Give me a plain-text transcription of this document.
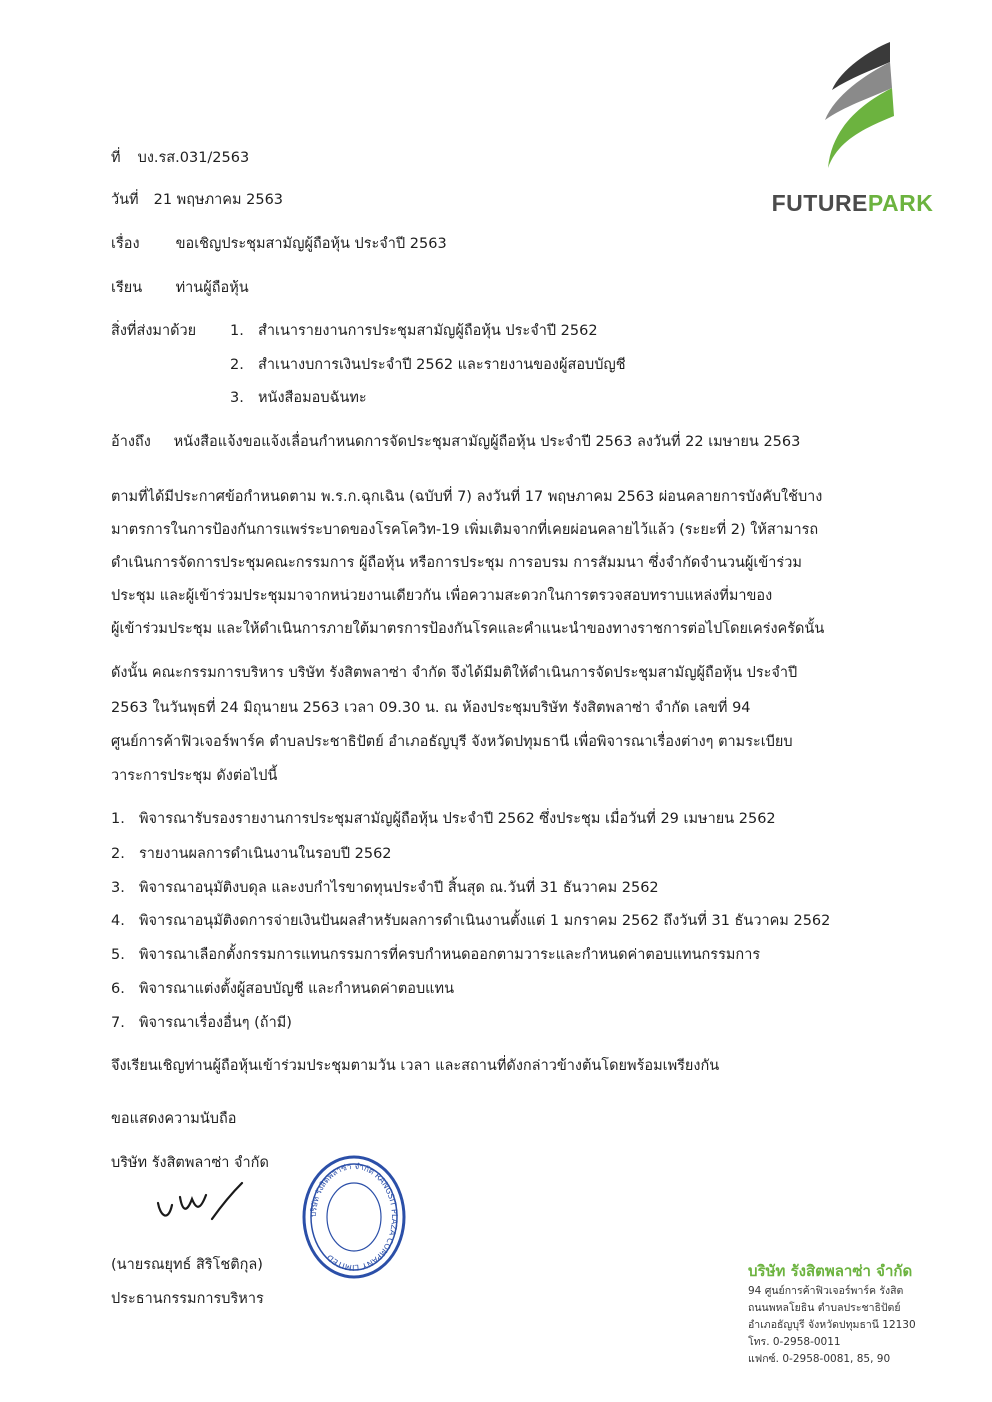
FUTUREPARK
ที่ บง.รส.031/2563
วันที่ 21 พฤษภาคม 2563
เรื่อง ขอเชิญประชุมสามัญผู้ถือหุ้น ประจำปี 2563
เรียน ท่านผู้ถือหุ้น
สิ่งที่ส่งมาด้วย 1. สำเนารายงานการประชุมสามัญผู้ถือหุ้น ประจำปี 2562
2. สำเนางบการเงินประจำปี 2562 และรายงานของผู้สอบบัญชี
3. หนังสือมอบฉันทะ
อ้างถึง หนังสือแจ้งขอแจ้งเลื่อนกำหนดการจัดประชุมสามัญผู้ถือหุ้น ประจำปี 2563 ลงวันที่ 22 เมษายน 2563
ตามที่ได้มีประกาศข้อกำหนดตาม พ.ร.ก.ฉุกเฉิน (ฉบับที่ 7) ลงวันที่ 17 พฤษภาคม 2563 ผ่อนคลายการบังคับใช้บาง
มาตรการในการป้องกันการแพร่ระบาดของโรคโควิท-19 เพิ่มเติมจากที่เคยผ่อนคลายไว้แล้ว (ระยะที่ 2) ให้สามารถ
ดำเนินการจัดการประชุมคณะกรรมการ ผู้ถือหุ้น หรือการประชุม การอบรม การสัมมนา ซึ่งจำกัดจำนวนผู้เข้าร่วม
ประชุม และผู้เข้าร่วมประชุมมาจากหน่วยงานเดียวกัน เพื่อความสะดวกในการตรวจสอบทราบแหล่งที่มาของ
ผู้เข้าร่วมประชุม และให้ดำเนินการภายใต้มาตรการป้องกันโรคและคำแนะนำของทางราชการต่อไปโดยเคร่งครัดนั้น
ดังนั้น คณะกรรมการบริหาร บริษัท รังสิตพลาซ่า จำกัด จึงได้มีมติให้ดำเนินการจัดประชุมสามัญผู้ถือหุ้น ประจำปี
2563 ในวันพุธที่ 24 มิถุนายน 2563 เวลา 09.30 น. ณ ห้องประชุมบริษัท รังสิตพลาซ่า จำกัด เลขที่ 94
ศูนย์การค้าฟิวเจอร์พาร์ค ตำบลประชาธิปัตย์ อำเภอธัญบุรี จังหวัดปทุมธานี เพื่อพิจารณาเรื่องต่างๆ ตามระเบียบ
วาระการประชุม ดังต่อไปนี้
1. พิจารณารับรองรายงานการประชุมสามัญผู้ถือหุ้น ประจำปี 2562 ซึ่งประชุม เมื่อวันที่ 29 เมษายน 2562
2. รายงานผลการดำเนินงานในรอบปี 2562
3. พิจารณาอนุมัติงบดุล และงบกำไรขาดทุนประจำปี สิ้นสุด ณ.วันที่ 31 ธันวาคม 2562
4. พิจารณาอนุมัติงดการจ่ายเงินปันผลสำหรับผลการดำเนินงานตั้งแต่ 1 มกราคม 2562 ถึงวันที่ 31 ธันวาคม 2562
5. พิจารณาเลือกตั้งกรรมการแทนกรรมการที่ครบกำหนดออกตามวาระและกำหนดค่าตอบแทนกรรมการ
6. พิจารณาแต่งตั้งผู้สอบบัญชี และกำหนดค่าตอบแทน
7. พิจารณาเรื่องอื่นๆ (ถ้ามี)
จึงเรียนเชิญท่านผู้ถือหุ้นเข้าร่วมประชุมตามวัน เวลา และสถานที่ดังกล่าวข้างต้นโดยพร้อมเพรียงกัน
ขอแสดงความนับถือ
บริษัท รังสิตพลาซ่า จำกัด
บริษัท รังสิตพลาซ่า จำกัด RANGSIT PLAZA COMPANY LIMITED
(นายรณยุทธ์ สิริโชติกุล)
ประธานกรรมการบริหาร
บริษัท รังสิตพลาซ่า จำกัด
94 ศูนย์การค้าฟิวเจอร์พาร์ค รังสิต
ถนนพหลโยธิน ตำบลประชาธิปัตย์
อำเภอธัญบุรี จังหวัดปทุมธานี 12130
โทร. 0-2958-0011
แฟกซ์. 0-2958-0081, 85, 90
